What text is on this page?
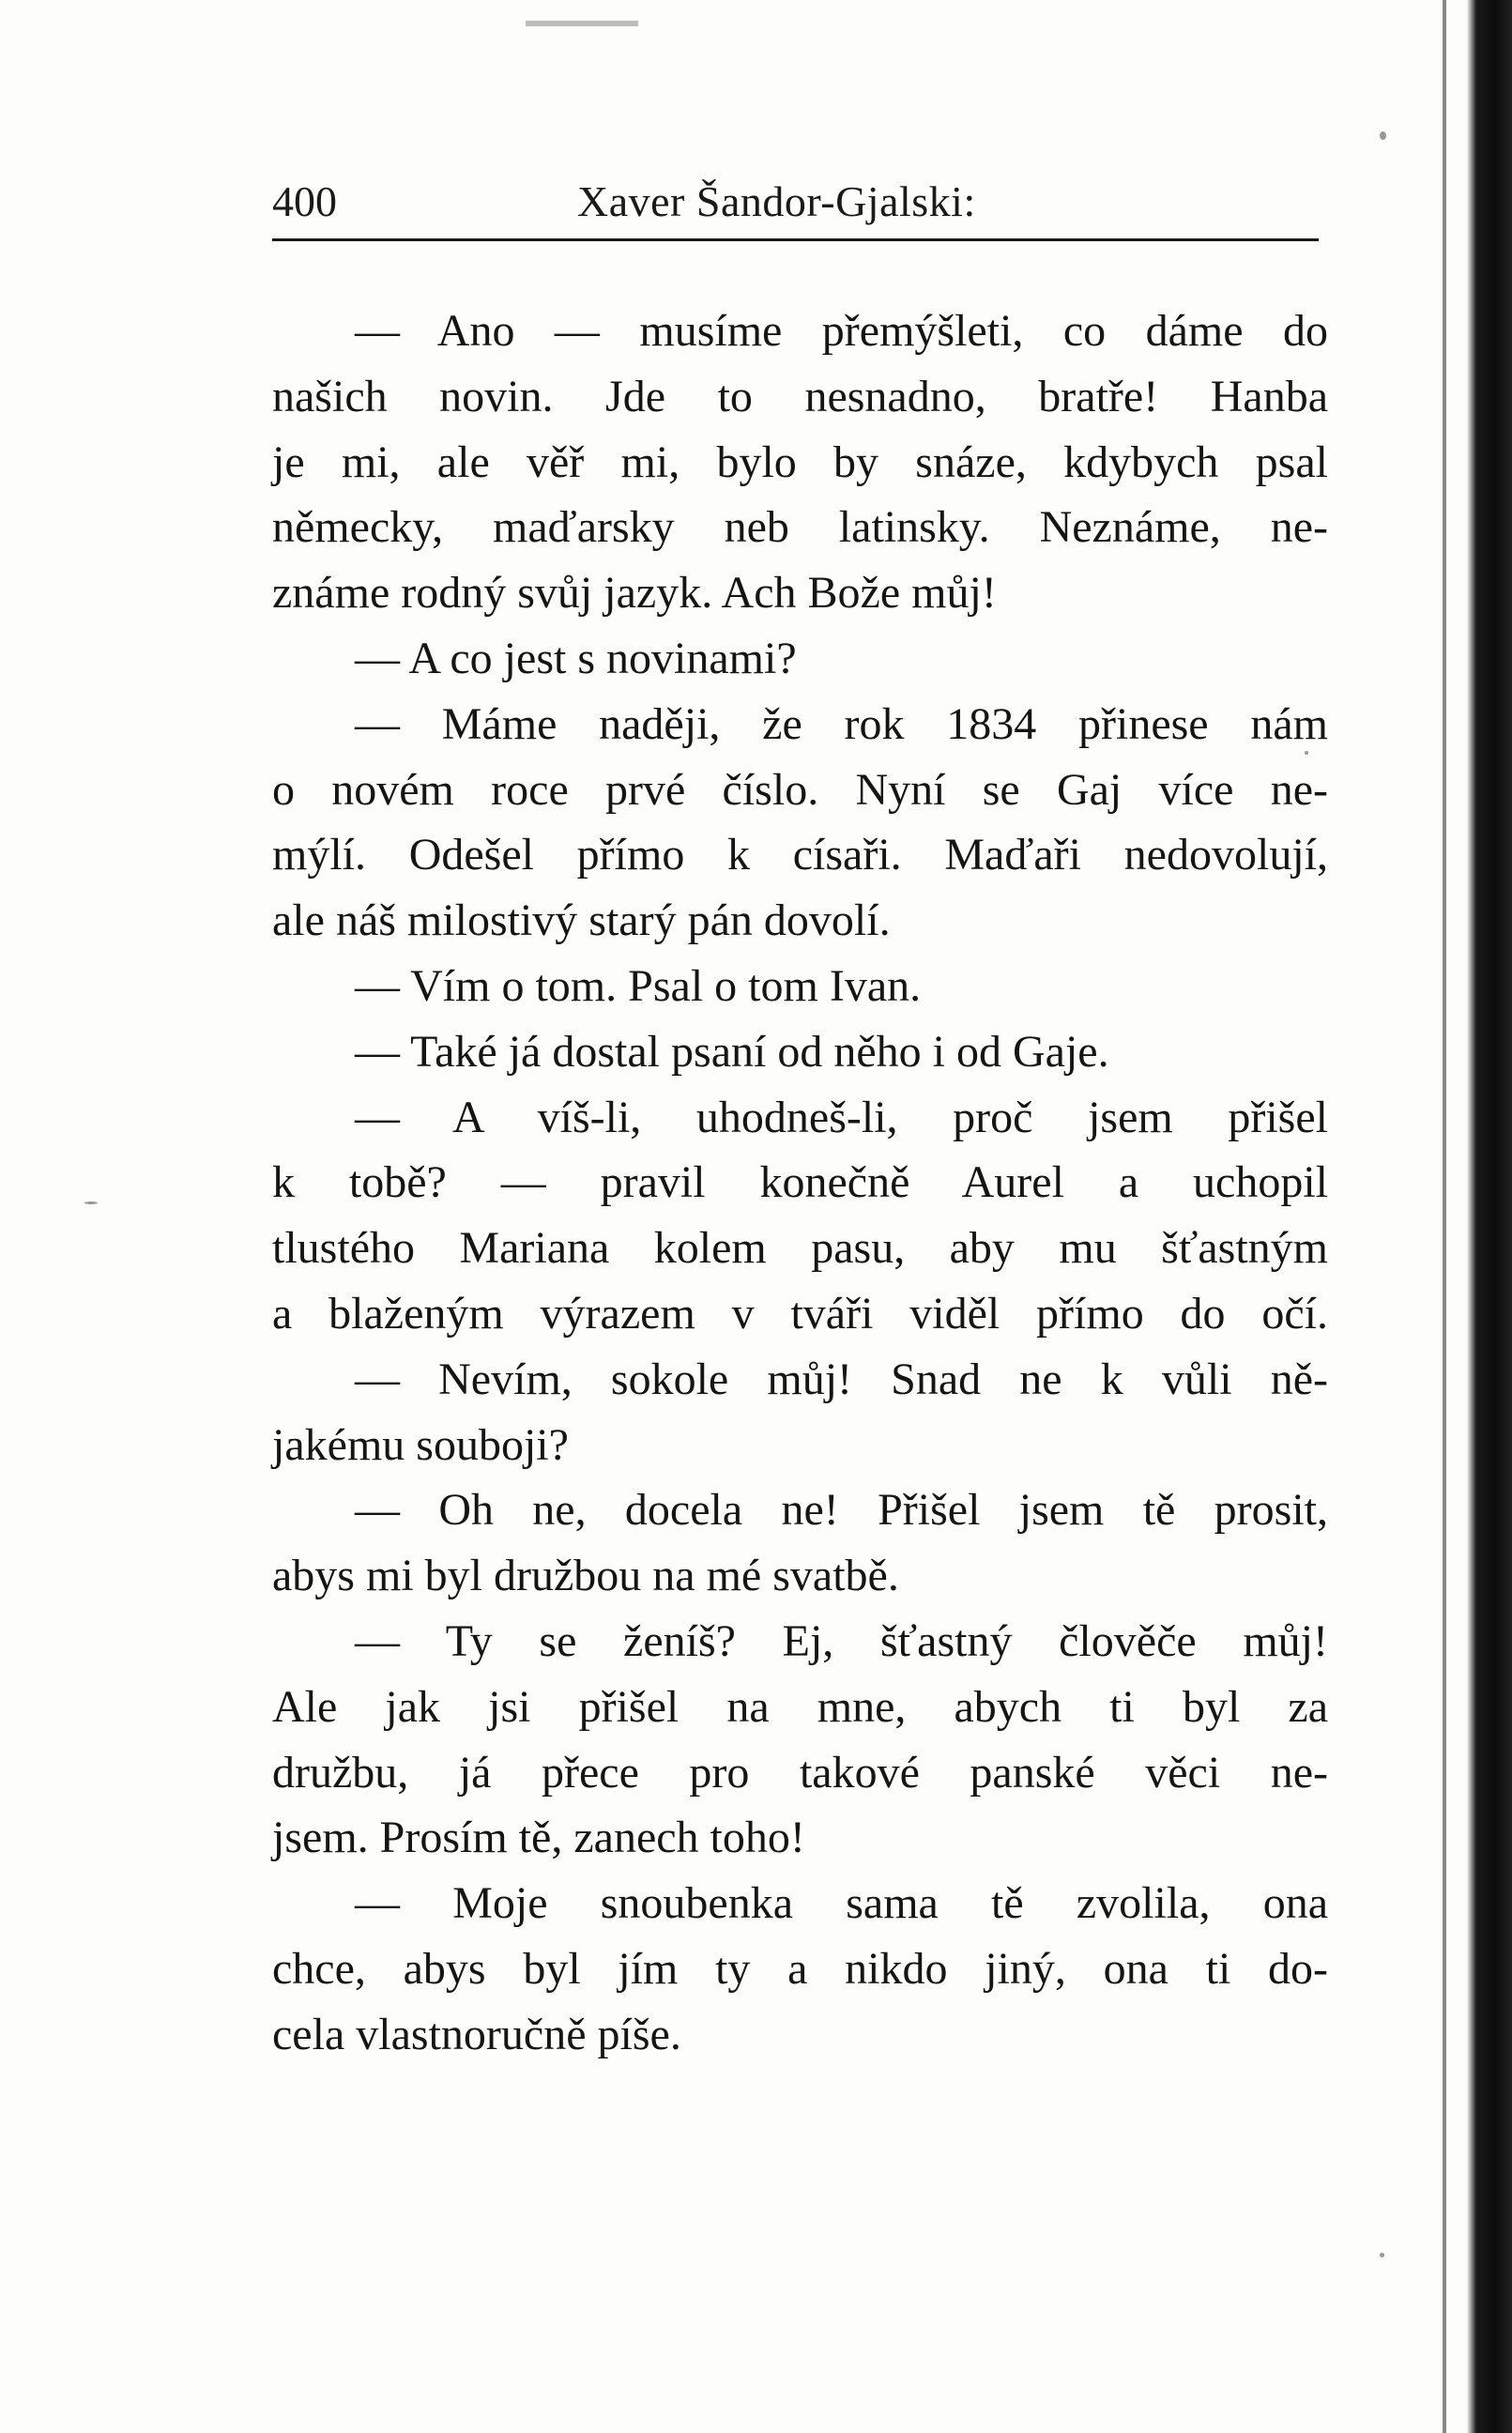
400	Xaver Šandor-Gjalski:
— Ano — musíme přemýšleti, co dáme do
našich novin. Jde to nesnadno, bratře! Hanba
je mi, ale věř mi, bylo by snáze, kdybych psal
německy, maďarsky neb latinsky. Neznáme, ne-
známe rodný svůj jazyk. Ach Bože můj!
— A co jest s novinami?
— Máme naději, že rok 1834 přinese nám
o novém roce prvé číslo. Nyní se Gaj více ne-
mýlí. Odešel přímo k císaři. Maďaři nedovolují,
ale náš milostivý starý pán dovolí.
— Vím o tom. Psal o tom Ivan.
— Také já dostal psaní od něho i od Gaje.
— A víš-li, uhodneš-li, proč jsem přišel
k tobě? — pravil konečně Aurel a uchopil
tlustého Mariana kolem pasu, aby mu šťastným
a blaženým výrazem v tváři viděl přímo do očí.
— Nevím, sokole můj! Snad ne k vůli ně-
jakému souboji?
— Oh ne, docela ne! Přišel jsem tě prosit,
abys mi byl družbou na mé svatbě.
— Ty se ženíš? Ej, šťastný člověče můj!
Ale jak jsi přišel na mne, abych ti byl za
družbu, já přece pro takové panské věci ne-
jsem. Prosím tě, zanech toho!
— Moje snoubenka sama tě zvolila, ona
chce, abys byl jím ty a nikdo jiný, ona ti do-
cela vlastnoručně píše.
